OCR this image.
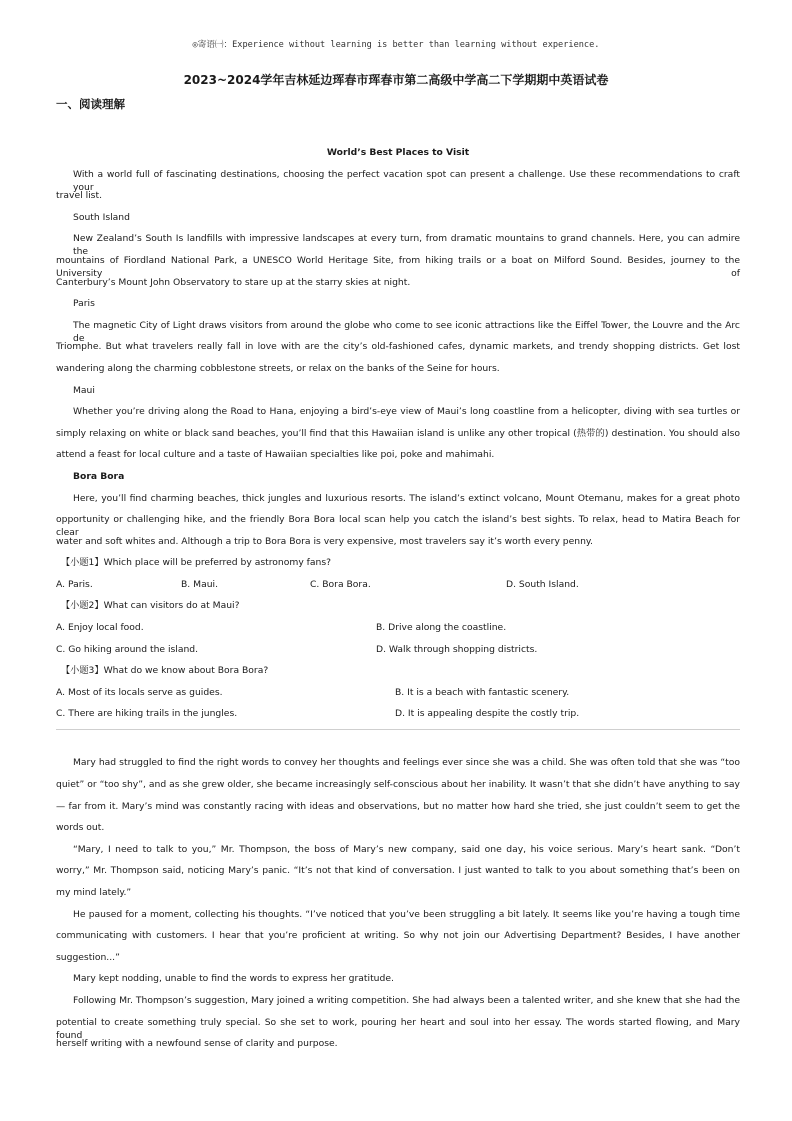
◎寄语㈠：Experience without learning is better than learning without experience.
2023~2024学年吉林延边珲春市珲春市第二高级中学高二下学期期中英语试卷
一、阅读理解
World’s Best Places to Visit
With a world full of fascinating destinations, choosing the perfect vacation spot can present a challenge. Use these recommendations to craft your
travel list.
South Island
New Zealand’s South Is landfills with impressive landscapes at every turn, from dramatic mountains to grand channels. Here, you can admire the
mountains of Fiordland National Park, a UNESCO World Heritage Site, from hiking trails or a boat on Milford Sound. Besides, journey to the University of
Canterbury’s Mount John Observatory to stare up at the starry skies at night.
Paris
The magnetic City of Light draws visitors from around the globe who come to see iconic attractions like the Eiffel Tower, the Louvre and the Arc de
Triomphe. But what travelers really fall in love with are the city’s old-fashioned cafes, dynamic markets, and trendy shopping districts. Get lost
wandering along the charming cobblestone streets, or relax on the banks of the Seine for hours.
Maui
Whether you’re driving along the Road to Hana, enjoying a bird’s-eye view of Maui’s long coastline from a helicopter, diving with sea turtles or
simply relaxing on white or black sand beaches, you’ll find that this Hawaiian island is unlike any other tropical (热带的) destination. You should also
attend a feast for local culture and a taste of Hawaiian specialties like poi, poke and mahimahi.
Bora Bora
Here, you’ll find charming beaches, thick jungles and luxurious resorts. The island’s extinct volcano, Mount Otemanu, makes for a great photo
opportunity or challenging hike, and the friendly Bora Bora local scan help you catch the island’s best sights. To relax, head to Matira Beach for clear
water and soft whites and. Although a trip to Bora Bora is very expensive, most travelers say it’s worth every penny.
【小题1】Which place will be preferred by astronomy fans?
A. Paris.	B. Maui.	C. Bora Bora.	D. South Island.
【小题2】What can visitors do at Maui?
A. Enjoy local food.	B. Drive along the coastline.
C. Go hiking around the island.	D. Walk through shopping districts.
【小题3】What do we know about Bora Bora?
A. Most of its locals serve as guides.	B. It is a beach with fantastic scenery.
C. There are hiking trails in the jungles.	D. It is appealing despite the costly trip.
Mary had struggled to find the right words to convey her thoughts and feelings ever since she was a child. She was often told that she was “too
quiet” or “too shy”, and as she grew older, she became increasingly self-conscious about her inability. It wasn’t that she didn’t have anything to say
— far from it. Mary’s mind was constantly racing with ideas and observations, but no matter how hard she tried, she just couldn’t seem to get the
words out.
“Mary, I need to talk to you,” Mr. Thompson, the boss of Mary’s new company, said one day, his voice serious. Mary’s heart sank. “Don’t
worry,” Mr. Thompson said, noticing Mary’s panic. “It’s not that kind of conversation. I just wanted to talk to you about something that’s been on
my mind lately.”
He paused for a moment, collecting his thoughts. “I’ve noticed that you’ve been struggling a bit lately. It seems like you’re having a tough time
communicating with customers. I hear that you’re proficient at writing. So why not join our Advertising Department? Besides, I have another
suggestion...”
Mary kept nodding, unable to find the words to express her gratitude.
Following Mr. Thompson’s suggestion, Mary joined a writing competition. She had always been a talented writer, and she knew that she had the
potential to create something truly special. So she set to work, pouring her heart and soul into her essay. The words started flowing, and Mary found
herself writing with a newfound sense of clarity and purpose.
